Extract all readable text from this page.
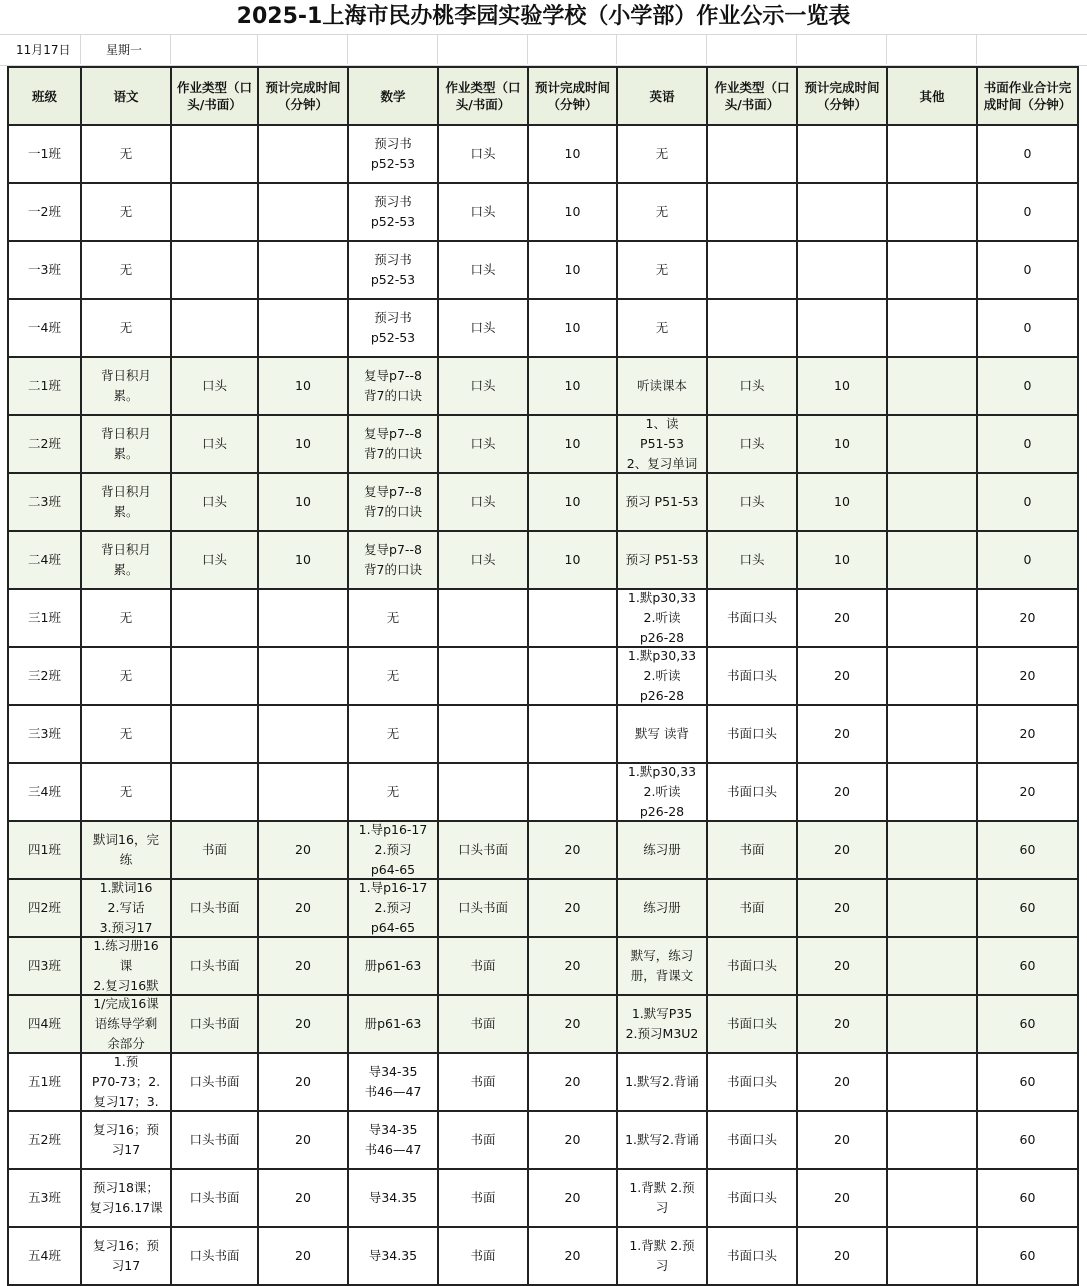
2025-1上海市民办桃李园实验学校（小学部）作业公示一览表
11月17日	星期一
班级	语文	作业类型（口头/书面）	预计完成时间（分钟）	数学	作业类型（口头/书面）	预计完成时间（分钟）	英语	作业类型（口头/书面）	预计完成时间（分钟）	其他	书面作业合计完成时间（分钟）

一1班	无			预习书
p52-53	口头	10	无				0

一2班	无			预习书
p52-53	口头	10	无				0

一3班	无			预习书
p52-53	口头	10	无				0

一4班	无			预习书
p52-53	口头	10	无				0

二1班	背日积月
累。	口头	10	复导p7--8
背7的口诀	口头	10	听读课本	口头	10		0

二2班	背日积月
累。	口头	10	复导p7--8
背7的口诀	口头	10	1、读
P51-53
2、复习单词	口头	10		0

二3班	背日积月
累。	口头	10	复导p7--8
背7的口诀	口头	10	预习 P51-53	口头	10		0

二4班	背日积月
累。	口头	10	复导p7--8
背7的口诀	口头	10	预习 P51-53	口头	10		0

三1班	无			无			1.默p30,33
2.听读
p26-28	书面口头	20		20

三2班	无			无			1.默p30,33
2.听读
p26-28	书面口头	20		20

三3班	无			无			默写 读背	书面口头	20		20

三4班	无			无			1.默p30,33
2.听读
p26-28	书面口头	20		20

四1班	默词16，完
练	书面	20	1.导p16-17
2.预习
p64-65	口头书面	20	练习册	书面	20		60

四2班	1.默词16
2.写话
3.预习17	口头书面	20	1.导p16-17
2.预习
p64-65	口头书面	20	练习册	书面	20		60

四3班	1.练习册16
课
2.复习16默	口头书面	20	册p61-63	书面	20	默写，练习
册，背课文	书面口头	20		60

四4班	1/完成16课
语练导学剩
余部分	口头书面	20	册p61-63	书面	20	1.默写P35
2.预习M3U2	书面口头	20		60

五1班	1.预
P70-73；2.
复习17；3.	口头书面	20	导34-35
书46—47	书面	20	1.默写2.背诵	书面口头	20		60

五2班	复习16；预
习17	口头书面	20	导34-35
书46—47	书面	20	1.默写2.背诵	书面口头	20		60

五3班	预习18课；
复习16.17课	口头书面	20	导34.35	书面	20	1.背默 2.预
习	书面口头	20		60

五4班	复习16；预
习17	口头书面	20	导34.35	书面	20	1.背默 2.预
习	书面口头	20		60
